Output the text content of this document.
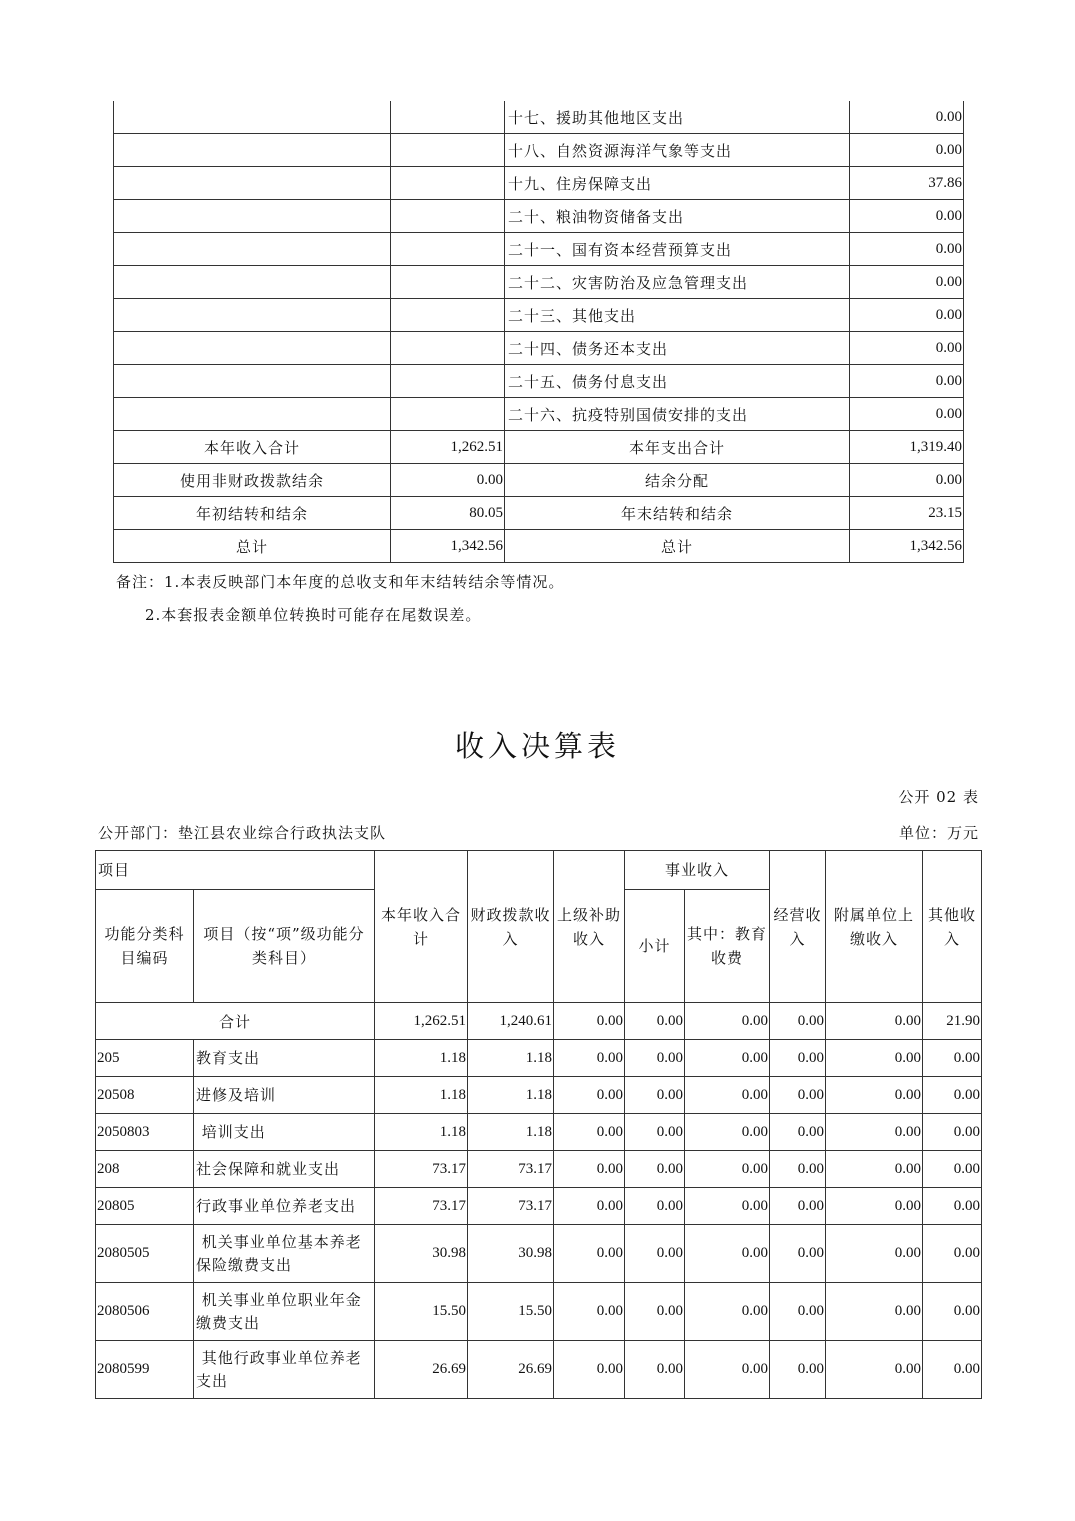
		十七、援助其他地区支出	0.00
		十八、自然资源海洋气象等支出	0.00
		十九、住房保障支出	37.86
		二十、粮油物资储备支出	0.00
		二十一、国有资本经营预算支出	0.00
		二十二、灾害防治及应急管理支出	0.00
		二十三、其他支出	0.00
		二十四、债务还本支出	0.00
		二十五、债务付息支出	0.00
		二十六、抗疫特别国债安排的支出	0.00
本年收入合计	1,262.51	本年支出合计	1,319.40
使用非财政拨款结余	0.00	结余分配	0.00
年初结转和结余	80.05	年末结转和结余	23.15
总计	1,342.56	总计	1,342.56
备注：1.本表反映部门本年度的总收支和年末结转结余等情况。
2.本套报表金额单位转换时可能存在尾数误差。
收入决算表
公开 02 表
公开部门：垫江县农业综合行政执法支队	单位：万元
项目		本年收入合计	财政拨款收入	上级补助收入	事业收入		经营收入	附属单位上缴收入	其他收入
功能分类科目编码	项目（按“项”级功能分类科目）				小计	其中：教育收费			
合计		1,262.51	1,240.61	0.00	0.00	0.00	0.00	0.00	21.90
205	教育支出	1.18	1.18	0.00	0.00	0.00	0.00	0.00	0.00
20508	进修及培训	1.18	1.18	0.00	0.00	0.00	0.00	0.00	0.00
2050803	培训支出	1.18	1.18	0.00	0.00	0.00	0.00	0.00	0.00
208	社会保障和就业支出	73.17	73.17	0.00	0.00	0.00	0.00	0.00	0.00
20805	行政事业单位养老支出	73.17	73.17	0.00	0.00	0.00	0.00	0.00	0.00
2080505	机关事业单位基本养老保险缴费支出	30.98	30.98	0.00	0.00	0.00	0.00	0.00	0.00
2080506	机关事业单位职业年金缴费支出	15.50	15.50	0.00	0.00	0.00	0.00	0.00	0.00
2080599	其他行政事业单位养老支出	26.69	26.69	0.00	0.00	0.00	0.00	0.00	0.00
